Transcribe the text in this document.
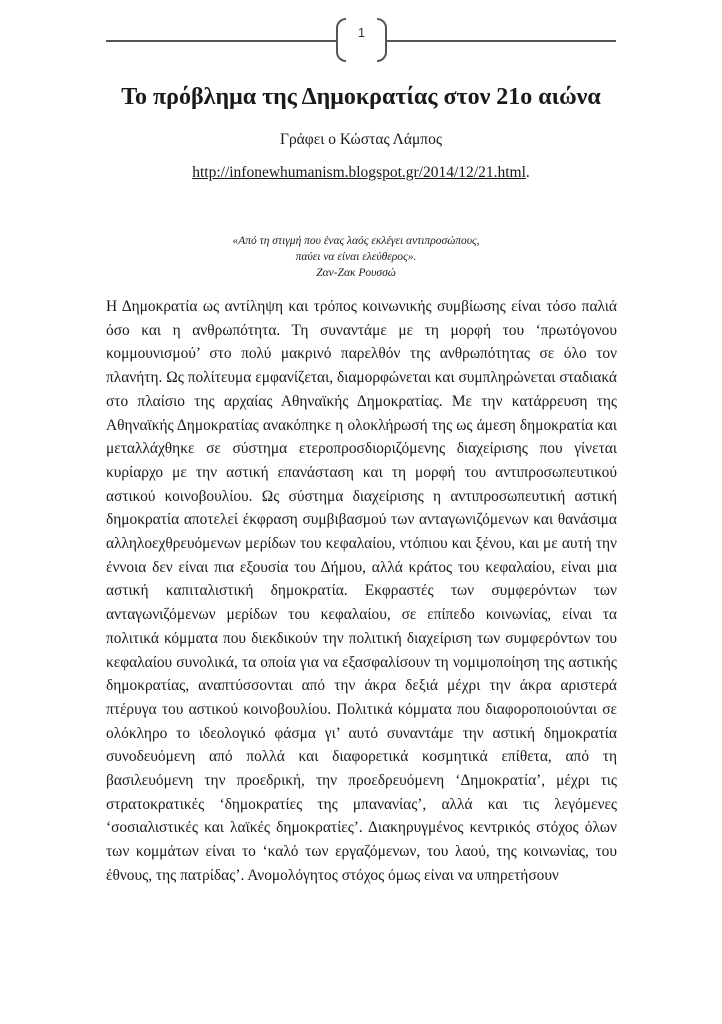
1
Το πρόβλημα της Δημοκρατίας στον 21ο αιώνα
Γράφει ο Κώστας Λάμπος
http://infonewhumanism.blogspot.gr/2014/12/21.html.
«Από τη στιγμή που ένας λαός εκλέγει αντιπροσώπους,
παύει να είναι ελεύθερος».
Ζαν-Ζακ Ρουσσώ

Η Δημοκρατία ως αντίληψη και τρόπος κοινωνικής συμβίωσης είναι τόσο παλιά όσο και η ανθρωπότητα. Τη συναντάμε με τη μορφή του ‘πρωτόγονου κομμουνισμού’ στο πολύ μακρινό παρελθόν της ανθρωπότητας σε όλο τον πλανήτη. Ως πολίτευμα εμφανίζεται, διαμορφώνεται και συμπληρώνεται σταδιακά στο πλαίσιο της αρχαίας Αθηναϊκής Δημοκρατίας. Με την κατάρρευση της Αθηναϊκής Δημοκρατίας ανακόπηκε η ολοκλήρωσή της ως άμεση δημοκρατία και μεταλλάχθηκε σε σύστημα ετεροπροσδιοριζόμενης διαχείρισης που γίνεται κυρίαρχο με την αστική επανάσταση και τη μορφή του αντιπροσωπευτικού αστικού κοινοβουλίου. Ως σύστημα διαχείρισης η αντιπροσωπευτική αστική δημοκρατία αποτελεί έκφραση συμβιβασμού των ανταγωνιζόμενων και θανάσιμα αλληλοεχθρευόμενων μερίδων του κεφαλαίου, ντόπιου και ξένου, και με αυτή την έννοια δεν είναι πια εξουσία του Δήμου, αλλά κράτος του κεφαλαίου, είναι μια αστική καπιταλιστική δημοκρατία. Εκφραστές των συμφερόντων των ανταγωνιζόμενων μερίδων του κεφαλαίου, σε επίπεδο κοινωνίας, είναι τα πολιτικά κόμματα που διεκδικούν την πολιτική διαχείριση των συμφερόντων του κεφαλαίου συνολικά, τα οποία για να εξασφαλίσουν τη νομιμοποίηση της αστικής δημοκρατίας, αναπτύσσονται από την άκρα δεξιά μέχρι την άκρα αριστερά πτέρυγα του αστικού κοινοβουλίου. Πολιτικά κόμματα που διαφοροποιούνται σε ολόκληρο το ιδεολογικό φάσμα γι’ αυτό συναντάμε την αστική δημοκρατία συνοδευόμενη από πολλά και διαφορετικά κοσμητικά επίθετα, από τη βασιλευόμενη την προεδρική, την προεδρευόμενη ‘Δημοκρατία’, μέχρι τις στρατοκρατικές ‘δημοκρατίες της μπανανίας’, αλλά και τις λεγόμενες ‘σοσιαλιστικές και λαϊκές δημοκρατίες’. Διακηρυγμένος κεντρικός στόχος όλων των κομμάτων είναι το ‘καλό των εργαζόμενων, του λαού, της κοινωνίας, του έθνους, της πατρίδας’. Ανομολόγητος στόχος όμως είναι να υπηρετήσουν
